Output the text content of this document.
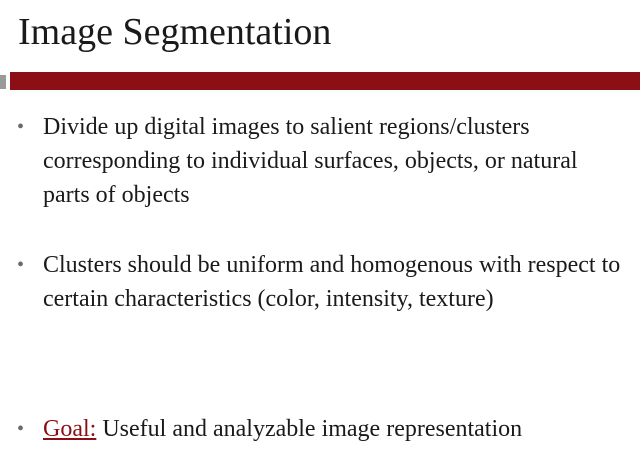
Image Segmentation
• Divide up digital images to salient regions/clusters corresponding to individual surfaces, objects, or natural parts of objects
• Clusters should be uniform and homogenous with respect to certain characteristics (color, intensity, texture)
• Goal: Useful and analyzable image representation
